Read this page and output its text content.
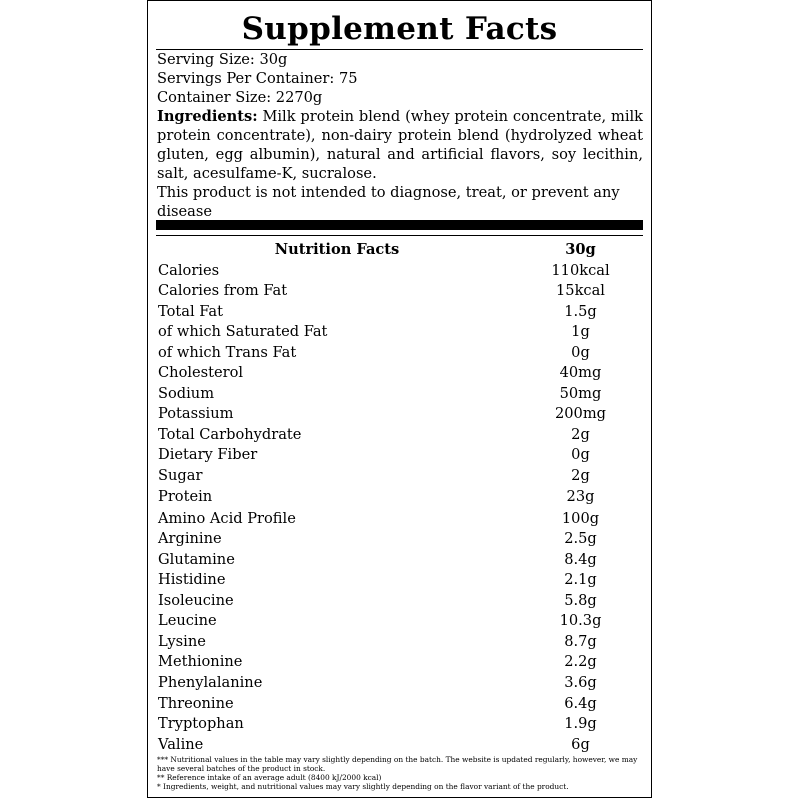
Supplement Facts
Serving Size: 30g
Servings Per Container: 75
Container Size: 2270g
Ingredients: Milk protein blend (whey protein concentrate, milk protein concentrate), non-dairy protein blend (hydrolyzed wheat gluten, egg albumin), natural and artificial flavors, soy lecithin, salt, acesulfame-K, sucralose.
This product is not intended to diagnose, treat, or prevent any disease
Nutrition Facts	30g
Calories	110kcal
Calories from Fat	15kcal
Total Fat	1.5g
of which Saturated Fat	1g
of which Trans Fat	0g
Cholesterol	40mg
Sodium	50mg
Potassium	200mg
Total Carbohydrate	2g
Dietary Fiber	0g
Sugar	2g
Protein	23g
Amino Acid Profile	100g
Arginine	2.5g
Glutamine	8.4g
Histidine	2.1g
Isoleucine	5.8g
Leucine	10.3g
Lysine	8.7g
Methionine	2.2g
Phenylalanine	3.6g
Threonine	6.4g
Tryptophan	1.9g
Valine	6g
*** Nutritional values in the table may vary slightly depending on the batch. The website is updated regularly, however, we may have several batches of the product in stock.
** Reference intake of an average adult (8400 kJ/2000 kcal)
* Ingredients, weight, and nutritional values may vary slightly depending on the flavor variant of the product.
